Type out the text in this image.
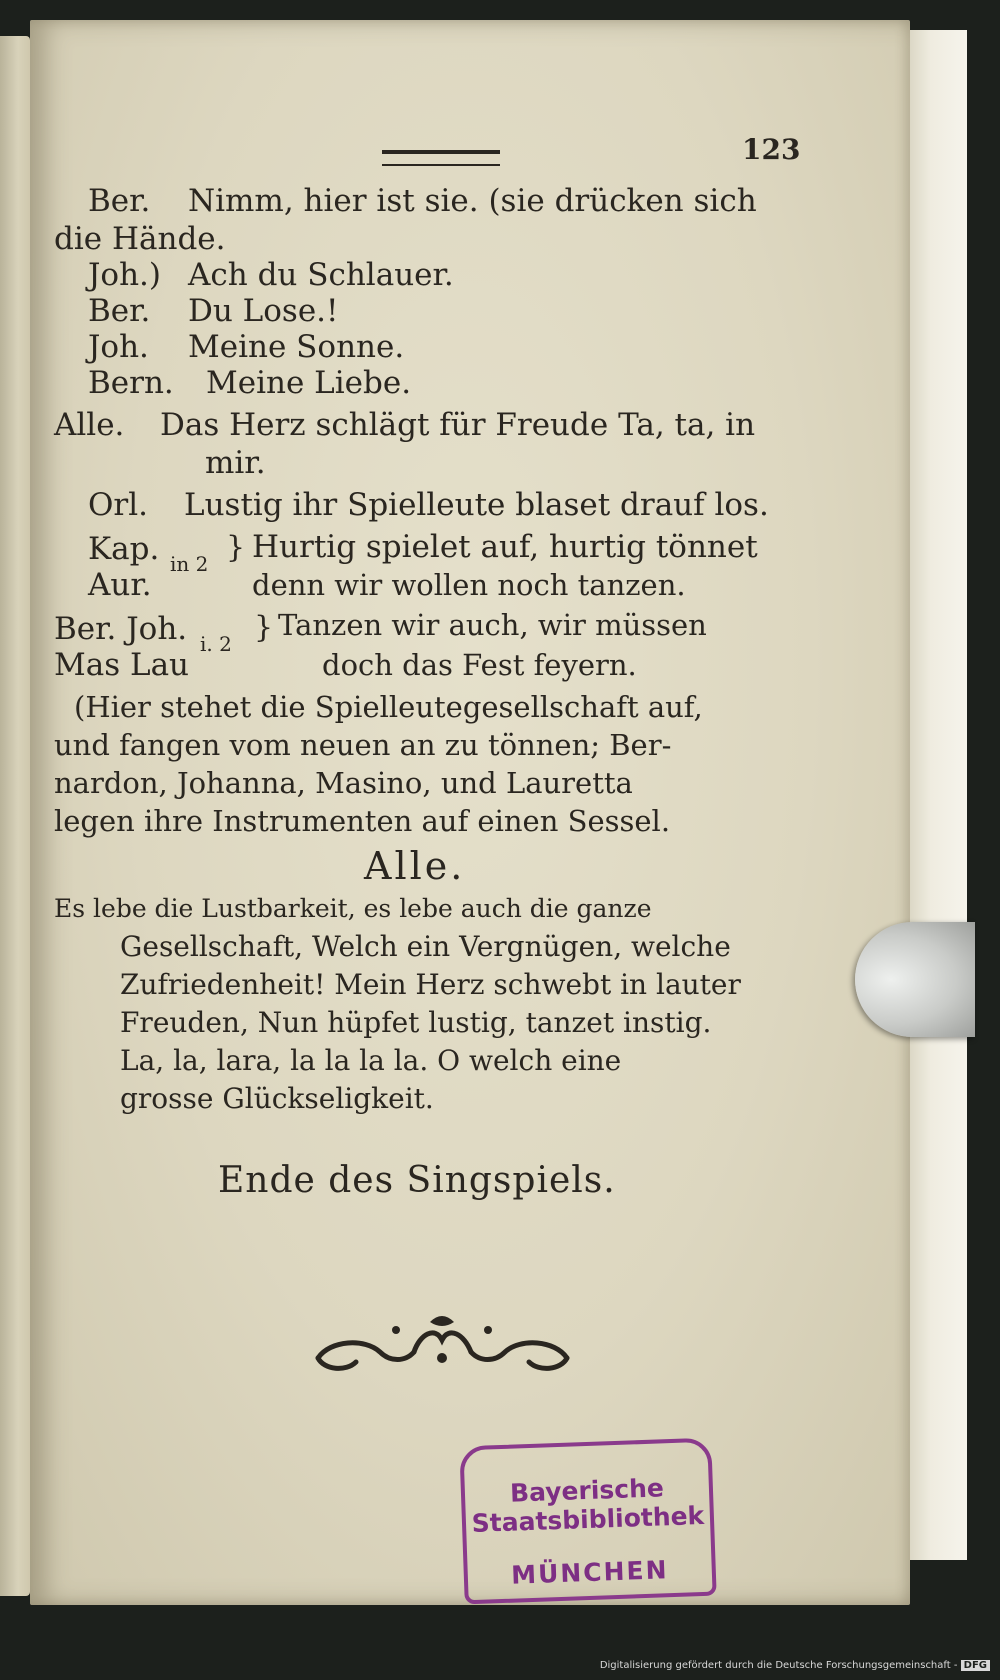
123
Ber. Nimm, hier ist sie. (sie drücken sich
die Hände.
Joh.) Ach du Schlauer.
Ber. Du Lose.!
Joh. Meine Sonne.
Bern. Meine Liebe.
Alle. Das Herz schlägt für Freude Ta, ta, in
mir.
Orl. Lustig ihr Spielleute blaset drauf los.
Kap.
Aur.
in 2 } Hurtig spielet auf, hurtig tönnet
denn wir wollen noch tanzen.
Ber. Joh.
Mas Lau
i. 2 } Tanzen wir auch, wir müssen
doch das Fest feyern.
(Hier stehet die Spielleutegesellschaft auf,
und fangen vom neuen an zu tönnen; Ber-
nardon, Johanna, Masino, und Lauretta
legen ihre Instrumenten auf einen Sessel.
Alle.
Es lebe die Lustbarkeit, es lebe auch die ganze
Gesellschaft, Welch ein Vergnügen, welche
Zufriedenheit! Mein Herz schwebt in lauter
Freuden, Nun hüpfet lustig, tanzet instig.
La, la, lara, la la la la. O welch eine
grosse Glückseligkeit.
Ende des Singspiels.
Bayerische
Staatsbibliothek
MÜNCHEN
Digitalisierung gefördert durch die Deutsche Forschungsgemeinschaft - DFG
